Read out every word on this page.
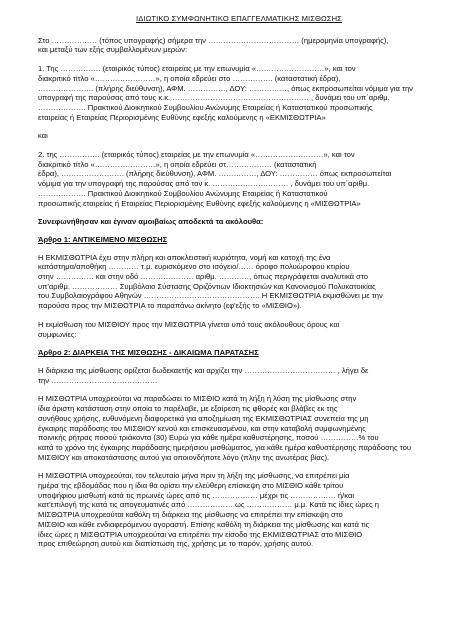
ΙΔΙΩΤΙΚΟ ΣΥΜΦΩΝΗΤΙΚΟ ΕΠΑΓΓΕΛΜΑΤΙΚΗΣ ΜΙΣΘΩΣΗΣ
Στο ……………… (τόπος υπογραφής) σήμερα την ……………………………… (ημερομηνία υπογραφής),
και μεταξύ των εξής συμβαλλομένων μερών:
1. Της ……………. (εταιρικός τύπος) εταιρείας με την επωνυμία «………………………», και τον
διακριτικό τίτλο «……………………», η οποία εδρεύει στο ……………. (καταστατική έδρα),
…………………. (πλήρης διεύθυνση), ΑΦΜ. ……………, ΔΟΥ: ……………, όπως εκπροσωπείται νόμιμα για την
υπογραφή της παρούσας από τους κ.κ. ……………………………………………… , δυνάμει του υπ΄αριθμ.
………………. Πρακτικού Διοικητικού Συμβουλίου Ανώνυμης Εταιρείας ή Καταστατικού προσωπικής
εταιρείας ή Εταιρείας Περιορισμένης Ευθύνης εφεξής καλούμενης η «ΕΚΜΙΣΘΩΤΡΙΑ»
και
2. της ……………. (εταιρικός τύπος) εταιρείας με την επωνυμία «………………………», και τον
διακριτικό τίτλο «……………………», η οποία εδρεύει στ……………… (καταστατική
έδρα), ……………………. (πλήρης διεύθυνση), ΑΦΜ. ……………, ΔΟΥ: …………… όπως εκπροσωπείται
νόμιμα για την υπογραφή της παρούσας από τον κ. ………………………… , δυνάμει του υπ΄αριθμ.
………………. Πρακτικού Διοικητικού Συμβουλίου Ανώνυμης Εταιρείας ή Καταστατικού
προσωπικής εταιρείας ή Εταιρείας Περιορισμένης Ευθύνης εφεξής καλούμενης η «ΜΙΣΘΩΤΡΙΑ»
Συνεφωνήθησαν και έγιναν αμοιβαίως αποδεκτά τα ακόλουθα:
Άρθρο 1: ΑΝΤΙΚΕΙΜΕΝΟ ΜΙΣΘΩΣΗΣ
Η ΕΚΜΙΣΘΩΤΡΙΑ έχει στην πλήρη και αποκλειστική κυριότητα, νομή και κατοχή της ένα
κατάστημα/αποθήκη ………… τ.μ. ευρισκόμενο στο ισόγειο/…… όροφο πολυώροφου κτιρίου
στην …………… και στην οδό ………………… αριθμ. …………, όπως περιγράφεται αναλυτικά στο
υπ'αριθμ. ……………… Συμβόλαιο Σύστασης Οριζόντιων Ιδιοκτησιών και Κανονισμού Πολυκατοικίας
του Συμβολαιογράφου Αθηνών ………………………………………. Η ΕΚΜΙΣΘΩΤΡΙΑ εκμισθώνει με την
παρούσα προς την ΜΙΣΘΩΤΡΙΑ το παραπάνω ακίνητο (εφ'εξής το «ΜΙΣΘΙΟ»).
Η εκμίσθωση του ΜΙΣΘΙΟΥ προς την ΜΙΣΘΩΤΡΙΑ γίνεται υπό τους ακόλουθους όρους και
συμφωνίες:
Άρθρο 2: ΔΙΑΡΚΕΙΑ ΤΗΣ ΜΙΣΘΩΣΗΣ - ΔΙΚΑΙΩΜΑ ΠΑΡΑΤΑΣΗΣ
Η διάρκεια της μίσθωσης ορίζεται δωδεκαετής και αρχίζει την ……………………………… , λήγει δε
την ……………………………………
Η ΜΙΣΘΩΤΡΙΑ υποχρεούται να παραδώσει το ΜΙΣΘΙΟ κατά τη λήξη ή λύση της μίσθωσης στην
ίδια άριστη κατάσταση στην οποία το παρέλαβε, με εξαίρεση τις φθορές και βλάβες εκ της
συνήθους χρήσης, ευθυνόμενη διαφορετικά για αποζημίωση της ΕΚΜΙΣΘΩΤΡΙΑΣ συνεπεία της μη
έγκαιρης παράδοσης του ΜΙΣΘΙΟΥ κενού και επισκευασμένου, και στην καταβολή συμφωνημένης
ποινικής ρήτρας ποσού τριάκοντα (30) Ευρώ για κάθε ημέρα καθυστέρησης, ποσού ……………% του
κατά το χρόνο της έγκαιρης παράδοσης ημερήσιου μισθώματος, για κάθε ημέρα καθυστέρησης παράδοσης του
ΜΙΣΘΙΟΥ και αποκατάστασης αυτού για οποιονδήποτε λόγο (πλην της ανωτέρας βίας).
Η ΜΙΣΘΩΤΡΙΑ υποχρεούται, τον τελευταίο μήνα πριν τη λήξη της μίσθωσης, να επιτρέπει μία
ημέρα της εβδομάδας που η ίδια θα ορίσει την ελεύθερη επίσκεψη στο ΜΙΣΘΙΟ κάθε τρίτου
υποψήφιου μισθωτή κατά τις πρωινές ώρες από τις ……………… μέχρι τις ……………… ή/και
κατ'επιλογή της κατά τις απογευματινές από ……………… ως ……………… μ.μ. Κατά τις ίδιες ώρες η
ΜΙΣΘΩΤΡΙΑ υποχρεούται καθόλη τη διάρκεια της μίσθωσης να επιτρέπει την επίσκεψη στο
ΜΙΣΘΙΟ και κάθε ενδιαφερόμενου αγοραστή. Επίσης καθόλη τη διάρκεια της μίσθωσης και κατά τις
ίδιες ώρες η ΜΙΣΘΩΤΡΙΑ υποχρεούται να επιτρέπει την είσοδο της ΕΚΜΙΣΘΩΤΡΙΑΣ στο ΜΙΣΘΙΟ
προς επιθεώρηση αυτού και διαπίστωση της, χρήσης με το παρόν, χρήσης αυτού.
